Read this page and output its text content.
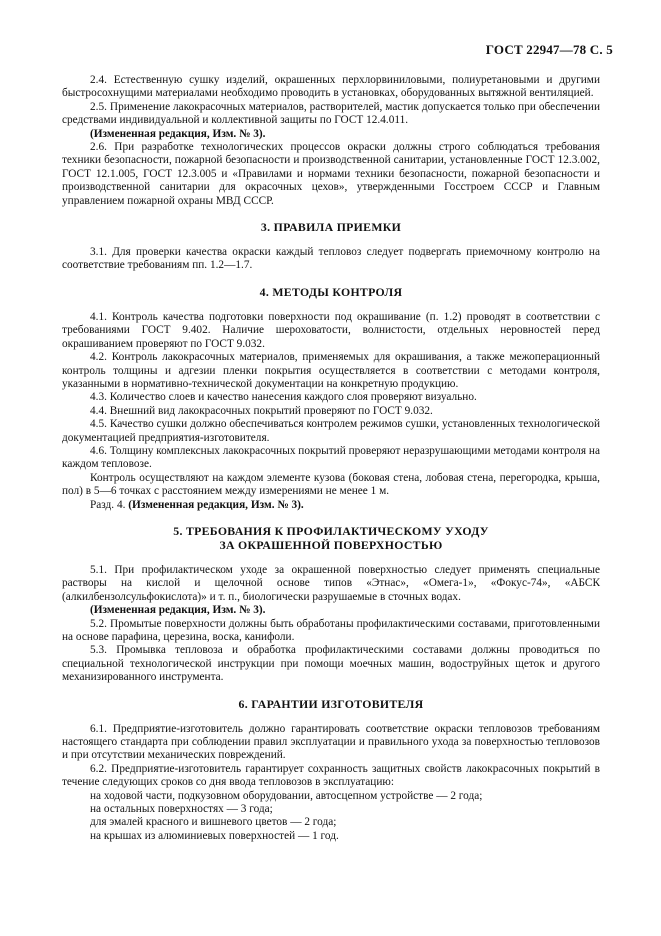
ГОСТ 22947—78 С. 5

2.4. Естественную сушку изделий, окрашенных перхлорвиниловыми, полиуретановыми и другими быстросохнущими материалами необходимо проводить в установках, оборудованных вытяжной вентиляцией.

2.5. Применение лакокрасочных материалов, растворителей, мастик допускается только при обеспечении средствами индивидуальной и коллективной защиты по ГОСТ 12.4.011.

(Измененная редакция, Изм. № 3).

2.6. При разработке технологических процессов окраски должны строго соблюдаться требования техники безопасности, пожарной безопасности и производственной санитарии, установленные ГОСТ 12.3.002, ГОСТ 12.1.005, ГОСТ 12.3.005 и «Правилами и нормами техники безопасности, пожарной безопасности и производственной санитарии для окрасочных цехов», утвержденными Госстроем СССР и Главным управлением пожарной охраны МВД СССР.

3. ПРАВИЛА ПРИЕМКИ

3.1. Для проверки качества окраски каждый тепловоз следует подвергать приемочному контролю на соответствие требованиям пп. 1.2—1.7.

4. МЕТОДЫ КОНТРОЛЯ

4.1. Контроль качества подготовки поверхности под окрашивание (п. 1.2) проводят в соответствии с требованиями ГОСТ 9.402. Наличие шероховатости, волнистости, отдельных неровностей перед окрашиванием проверяют по ГОСТ 9.032.

4.2. Контроль лакокрасочных материалов, применяемых для окрашивания, а также межоперационный контроль толщины и адгезии пленки покрытия осуществляется в соответствии с методами контроля, указанными в нормативно-технической документации на конкретную продукцию.

4.3. Количество слоев и качество нанесения каждого слоя проверяют визуально.

4.4. Внешний вид лакокрасочных покрытий проверяют по ГОСТ 9.032.

4.5. Качество сушки должно обеспечиваться контролем режимов сушки, установленных технологической документацией предприятия-изготовителя.

4.6. Толщину комплексных лакокрасочных покрытий проверяют неразрушающими методами контроля на каждом тепловозе.

Контроль осуществляют на каждом элементе кузова (боковая стена, лобовая стена, перегородка, крыша, пол) в 5—6 точках с расстоянием между измерениями не менее 1 м.

Разд. 4. (Измененная редакция, Изм. № 3).

5. ТРЕБОВАНИЯ К ПРОФИЛАКТИЧЕСКОМУ УХОДУ
ЗА ОКРАШЕННОЙ ПОВЕРХНОСТЬЮ

5.1. При профилактическом уходе за окрашенной поверхностью следует применять специальные растворы на кислой и щелочной основе типов «Этнас», «Омега-1», «Фокус-74», «АБСК (алкилбензолсульфокислота)» и т. п., биологически разрушаемые в сточных водах.

(Измененная редакция, Изм. № 3).

5.2. Промытые поверхности должны быть обработаны профилактическими составами, приготовленными на основе парафина, церезина, воска, канифоли.

5.3. Промывка тепловоза и обработка профилактическими составами должны проводиться по специальной технологической инструкции при помощи моечных машин, водоструйных щеток и другого механизированного инструмента.

6. ГАРАНТИИ ИЗГОТОВИТЕЛЯ

6.1. Предприятие-изготовитель должно гарантировать соответствие окраски тепловозов требованиям настоящего стандарта при соблюдении правил эксплуатации и правильного ухода за поверхностью тепловозов и при отсутствии механических повреждений.

6.2. Предприятие-изготовитель гарантирует сохранность защитных свойств лакокрасочных покрытий в течение следующих сроков со дня ввода тепловозов в эксплуатацию:

на ходовой части, подкузовном оборудовании, автосцепном устройстве — 2 года;

на остальных поверхностях — 3 года;

для эмалей красного и вишневого цветов — 2 года;

на крышах из алюминиевых поверхностей — 1 год.
